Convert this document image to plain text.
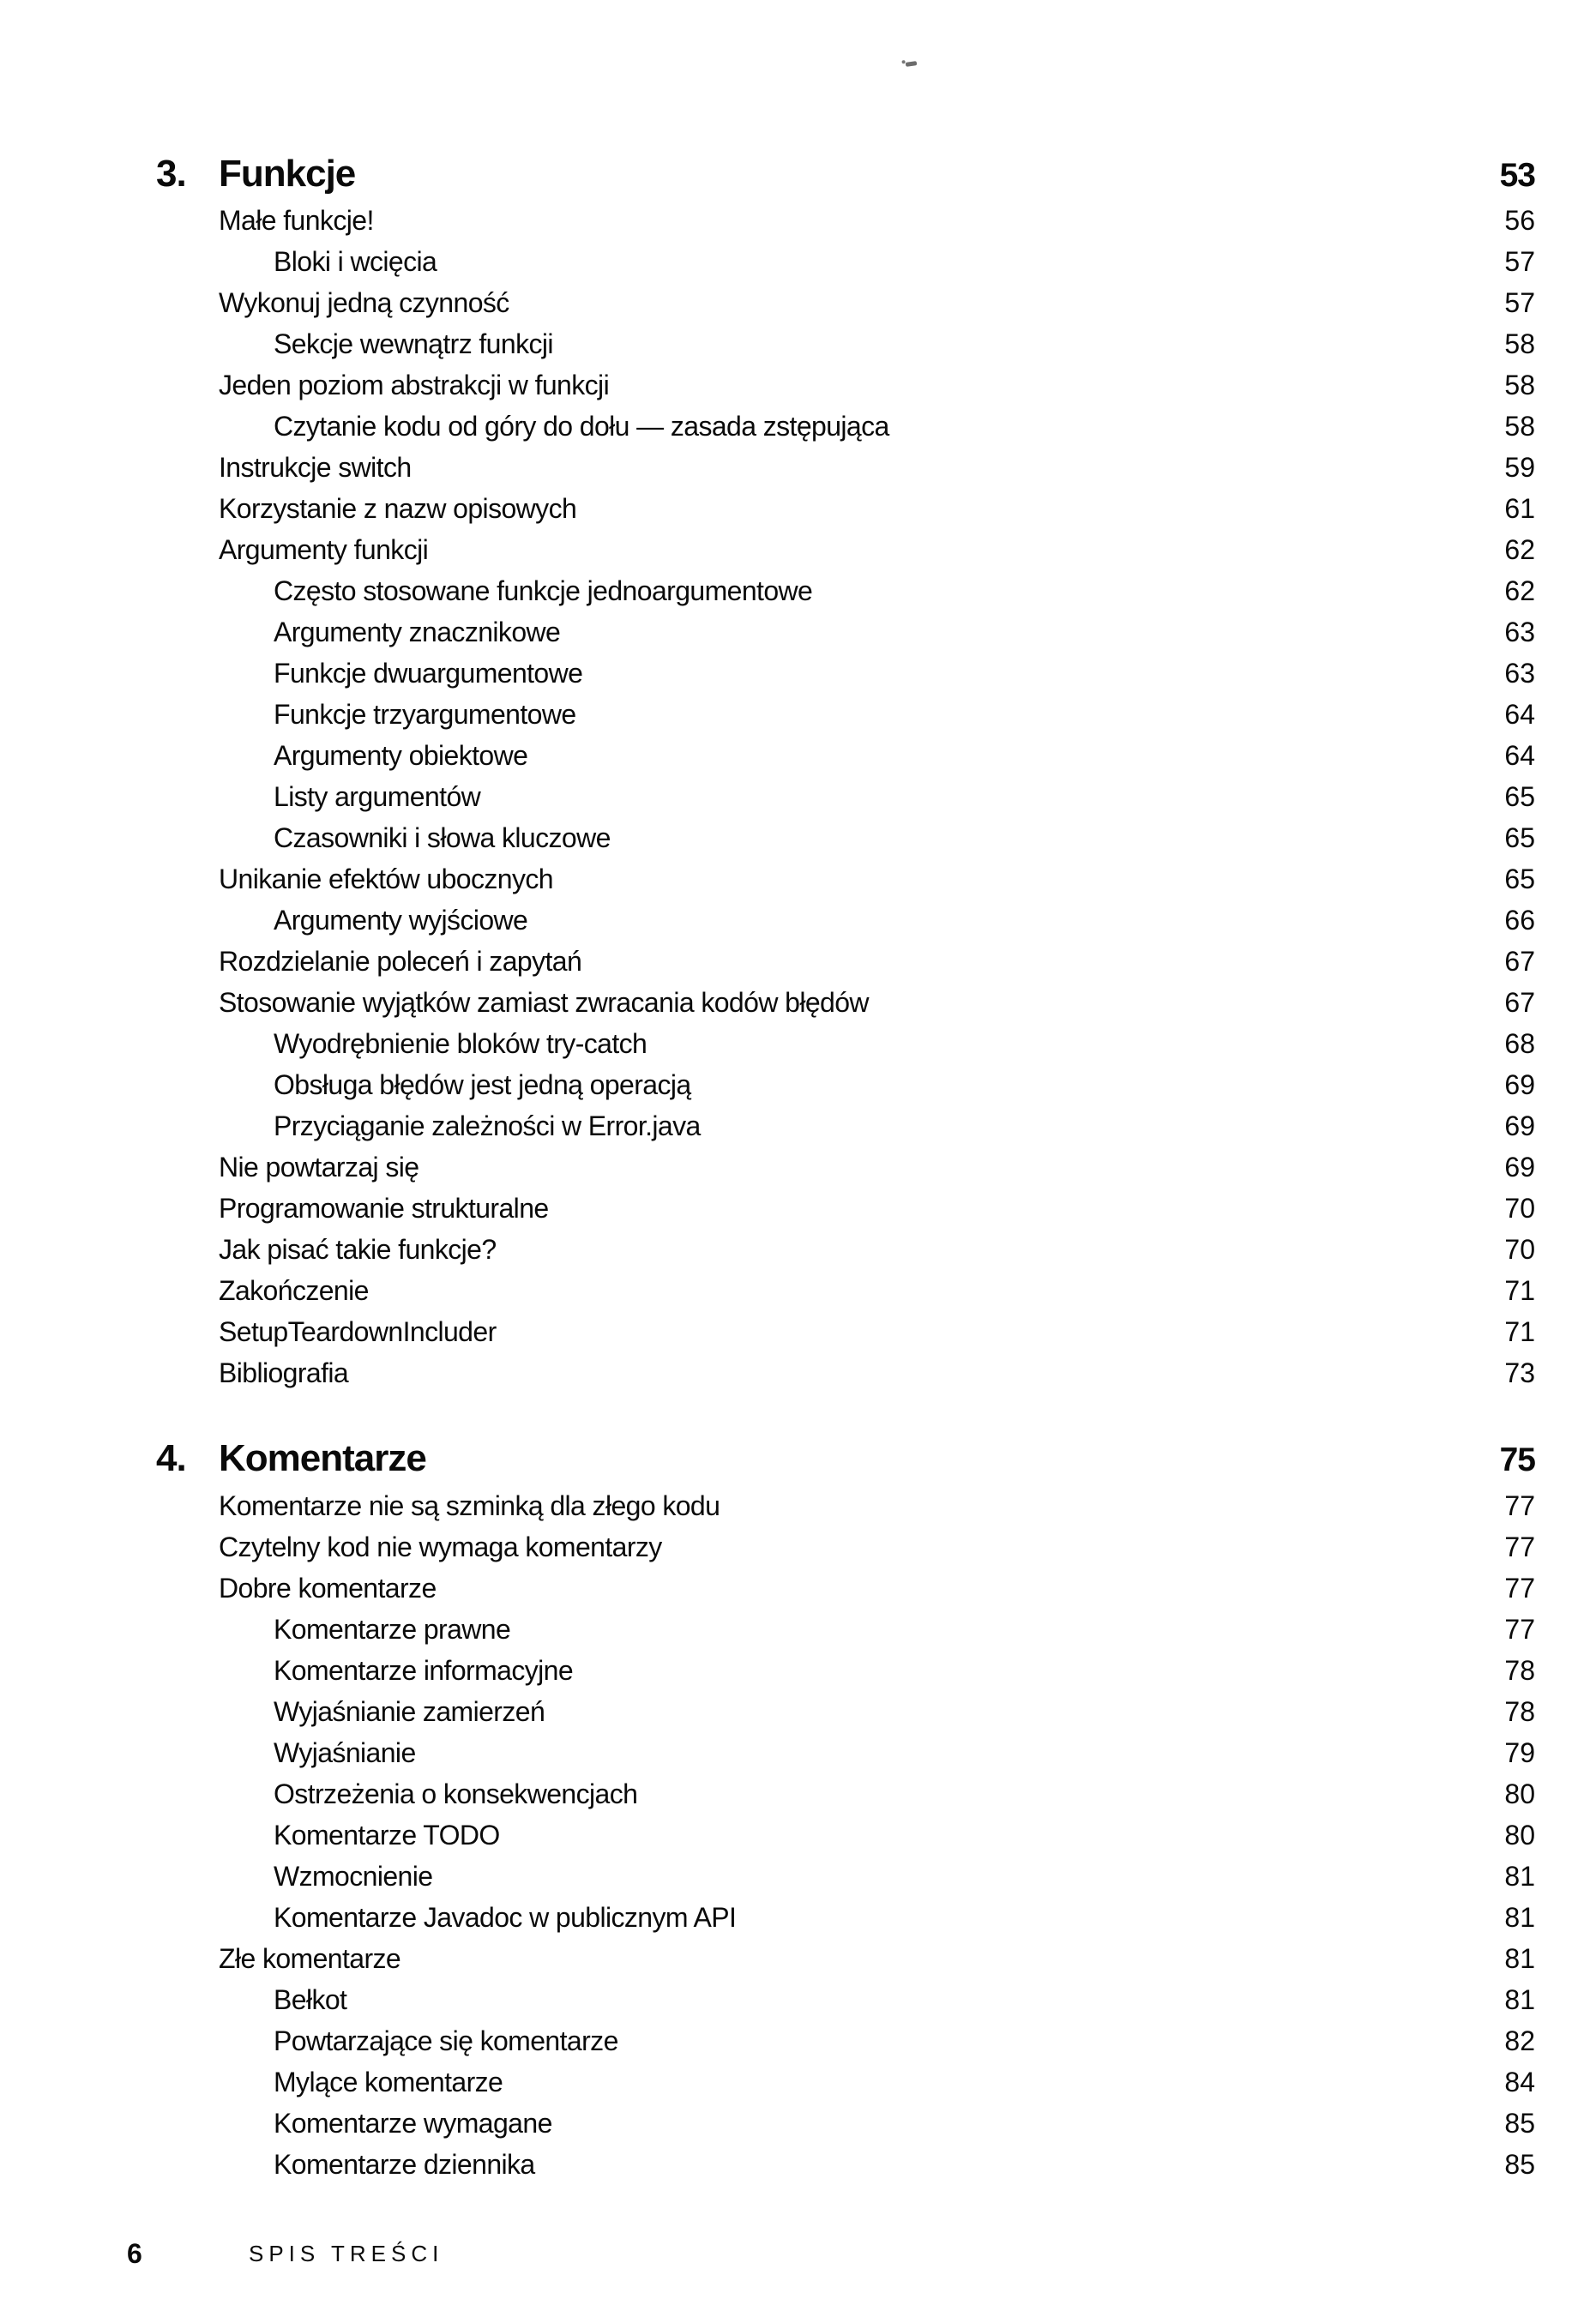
3. Funkcje	53
Małe funkcje!	56
Bloki i wcięcia	57
Wykonuj jedną czynność	57
Sekcje wewnątrz funkcji	58
Jeden poziom abstrakcji w funkcji	58
Czytanie kodu od góry do dołu — zasada zstępująca	58
Instrukcje switch	59
Korzystanie z nazw opisowych	61
Argumenty funkcji	62
Często stosowane funkcje jednoargumentowe	62
Argumenty znacznikowe	63
Funkcje dwuargumentowe	63
Funkcje trzyargumentowe	64
Argumenty obiektowe	64
Listy argumentów	65
Czasowniki i słowa kluczowe	65
Unikanie efektów ubocznych	65
Argumenty wyjściowe	66
Rozdzielanie poleceń i zapytań	67
Stosowanie wyjątków zamiast zwracania kodów błędów	67
Wyodrębnienie bloków try-catch	68
Obsługa błędów jest jedną operacją	69
Przyciąganie zależności w Error.java	69
Nie powtarzaj się	69
Programowanie strukturalne	70
Jak pisać takie funkcje?	70
Zakończenie	71
SetupTeardownIncluder	71
Bibliografia	73
4. Komentarze	75
Komentarze nie są szminką dla złego kodu	77
Czytelny kod nie wymaga komentarzy	77
Dobre komentarze	77
Komentarze prawne	77
Komentarze informacyjne	78
Wyjaśnianie zamierzeń	78
Wyjaśnianie	79
Ostrzeżenia o konsekwencjach	80
Komentarze TODO	80
Wzmocnienie	81
Komentarze Javadoc w publicznym API	81
Złe komentarze	81
Bełkot	81
Powtarzające się komentarze	82
Mylące komentarze	84
Komentarze wymagane	85
Komentarze dziennika	85
6	SPIS TREŚCI
